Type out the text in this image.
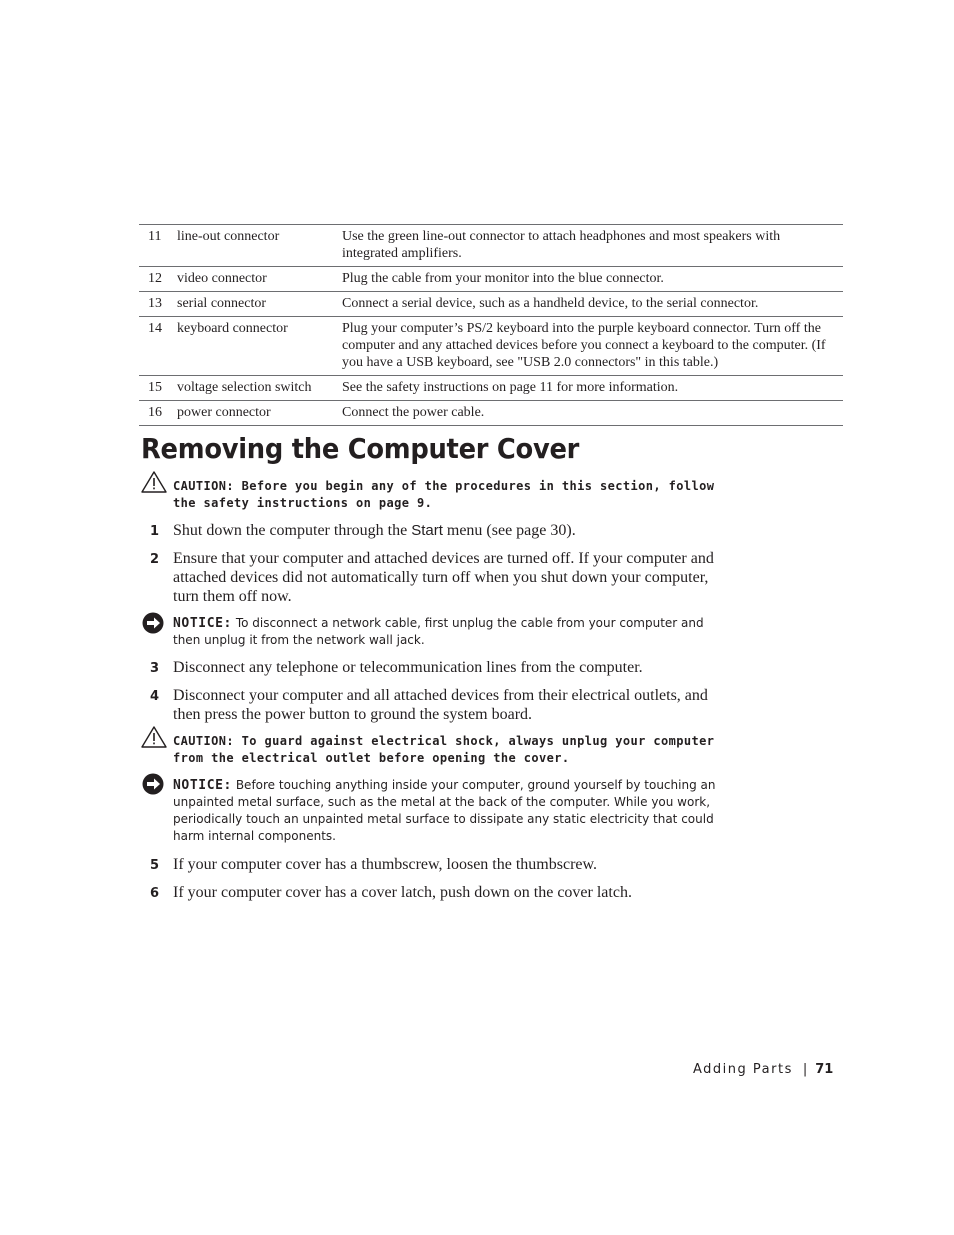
11	line-out connector	Use the green line-out connector to attach headphones and most speakers with integrated amplifiers.
12	video connector	Plug the cable from your monitor into the blue connector.
13	serial connector	Connect a serial device, such as a handheld device, to the serial connector.
14	keyboard connector	Plug your computer’s PS/2 keyboard into the purple keyboard connector. Turn off the computer and any attached devices before you connect a keyboard to the computer. (If you have a USB keyboard, see "USB 2.0 connectors" in this table.)
15	voltage selection switch	See the safety instructions on page 11 for more information.
16	power connector	Connect the power cable.
Removing the Computer Cover
CAUTION: Before you begin any of the procedures in this section, follow the safety instructions on page 9.
1 Shut down the computer through the Start menu (see page 30).
2 Ensure that your computer and attached devices are turned off. If your computer and attached devices did not automatically turn off when you shut down your computer, turn them off now.
NOTICE: To disconnect a network cable, first unplug the cable from your computer and then unplug it from the network wall jack.
3 Disconnect any telephone or telecommunication lines from the computer.
4 Disconnect your computer and all attached devices from their electrical outlets, and then press the power button to ground the system board.
CAUTION: To guard against electrical shock, always unplug your computer from the electrical outlet before opening the cover.
NOTICE: Before touching anything inside your computer, ground yourself by touching an unpainted metal surface, such as the metal at the back of the computer. While you work, periodically touch an unpainted metal surface to dissipate any static electricity that could harm internal components.
5 If your computer cover has a thumbscrew, loosen the thumbscrew.
6 If your computer cover has a cover latch, push down on the cover latch.
Adding Parts | 71
